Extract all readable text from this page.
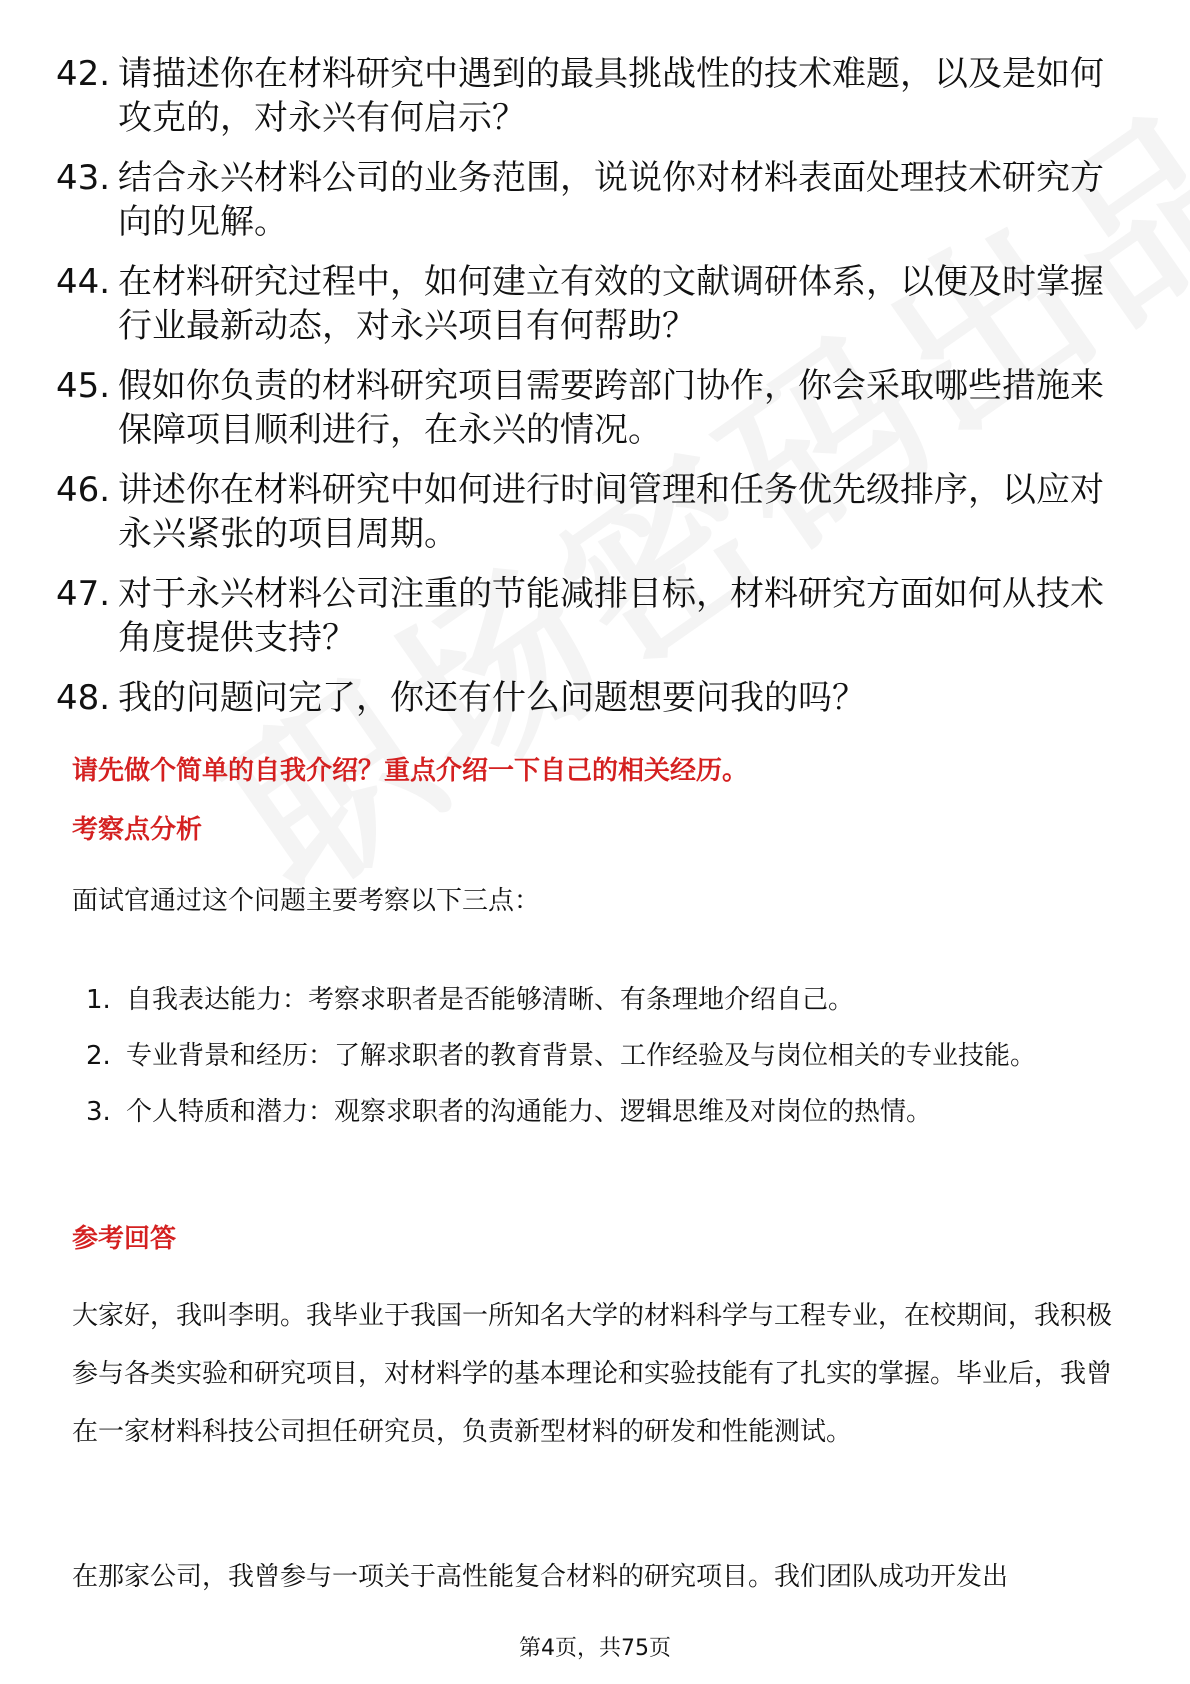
42. 请描述你在材料研究中遇到的最具挑战性的技术难题，以及是如何攻克的，对永兴有何启示？
43. 结合永兴材料公司的业务范围，说说你对材料表面处理技术研究方向的见解。
44. 在材料研究过程中，如何建立有效的文献调研体系，以便及时掌握行业最新动态，对永兴项目有何帮助？
45. 假如你负责的材料研究项目需要跨部门协作，你会采取哪些措施来保障项目顺利进行，在永兴的情况。
46. 讲述你在材料研究中如何进行时间管理和任务优先级排序，以应对永兴紧张的项目周期。
47. 对于永兴材料公司注重的节能减排目标，材料研究方面如何从技术角度提供支持？
48. 我的问题问完了，你还有什么问题想要问我的吗？
请先做个简单的自我介绍？重点介绍一下自己的相关经历。
考察点分析

面试官通过这个问题主要考察以下三点：

1. 自我表达能力：考察求职者是否能够清晰、有条理地介绍自己。
2. 专业背景和经历：了解求职者的教育背景、工作经验及与岗位相关的专业技能。
3. 个人特质和潜力：观察求职者的沟通能力、逻辑思维及对岗位的热情。
参考回答

大家好，我叫李明。我毕业于我国一所知名大学的材料科学与工程专业，在校期间，我积极参与各类实验和研究项目，对材料学的基本理论和实验技能有了扎实的掌握。毕业后，我曾在一家材料科技公司担任研究员，负责新型材料的研发和性能测试。

在那家公司，我曾参与一项关于高性能复合材料的研究项目。我们团队成功开发出

第4页，共75页
